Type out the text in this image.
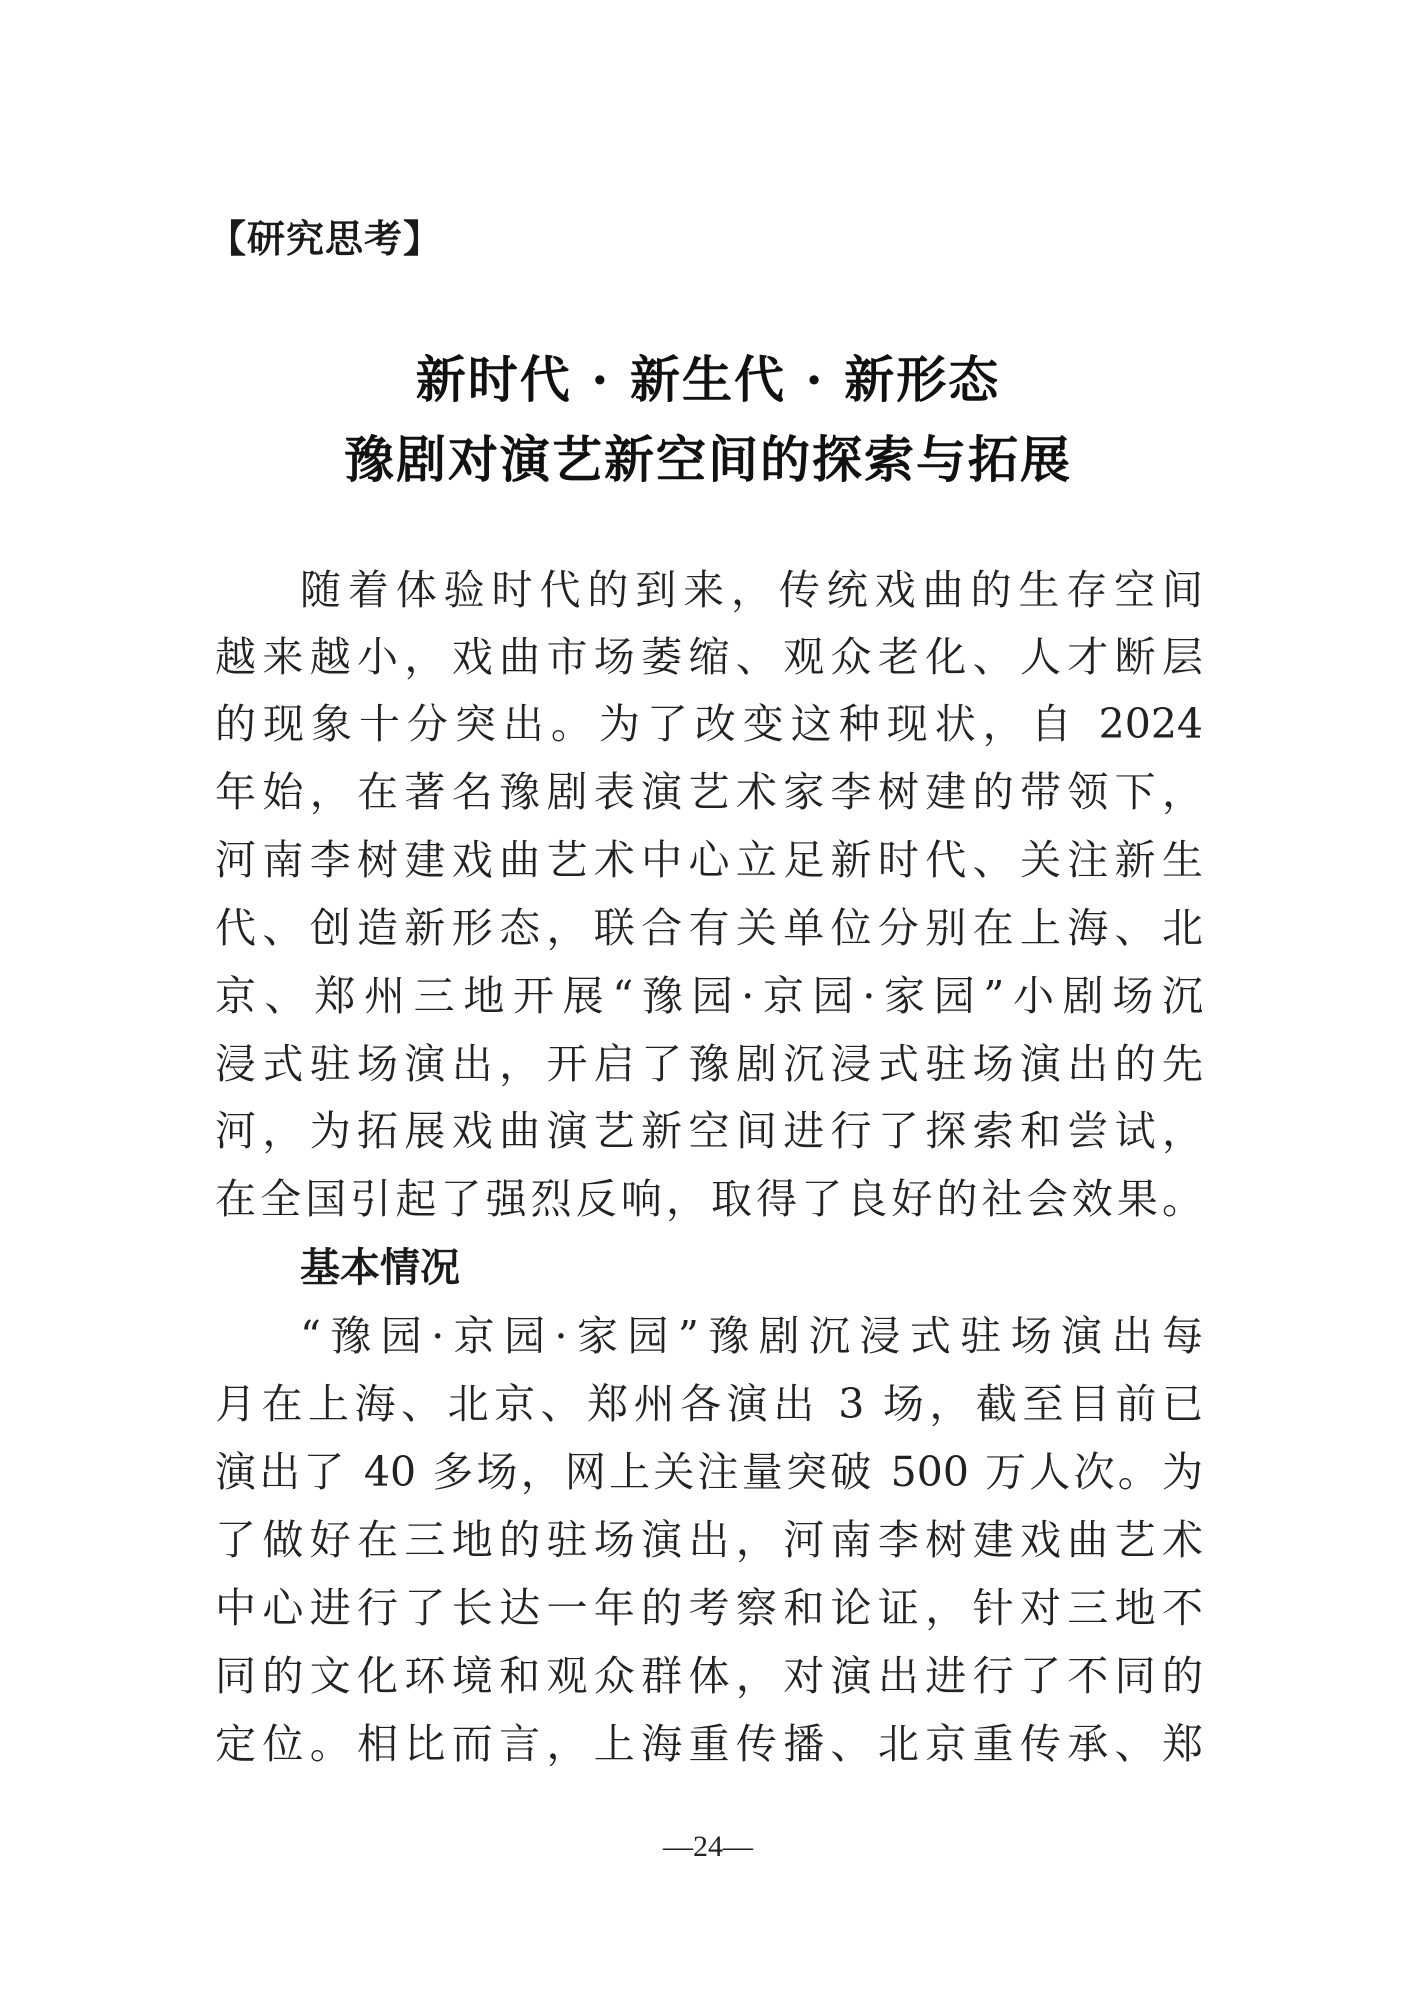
【研究思考】
新时代 · 新生代 · 新形态
豫剧对演艺新空间的探索与拓展
随着体验时代的到来，传统戏曲的生存空间
越来越小，戏曲市场萎缩、观众老化、人才断层
的现象十分突出。为了改变这种现状，自 2024
年始，在著名豫剧表演艺术家李树建的带领下，
河南李树建戏曲艺术中心立足新时代、关注新生
代、创造新形态，联合有关单位分别在上海、北
京、郑州三地开展“豫园·京园·家园”小剧场沉
浸式驻场演出，开启了豫剧沉浸式驻场演出的先
河，为拓展戏曲演艺新空间进行了探索和尝试，
在全国引起了强烈反响，取得了良好的社会效果。
基本情况
“豫园·京园·家园”豫剧沉浸式驻场演出每
月在上海、北京、郑州各演出 3 场，截至目前已
演出了 40 多场，网上关注量突破 500 万人次。为
了做好在三地的驻场演出，河南李树建戏曲艺术
中心进行了长达一年的考察和论证，针对三地不
同的文化环境和观众群体，对演出进行了不同的
定位。相比而言，上海重传播、北京重传承、郑
—24—
